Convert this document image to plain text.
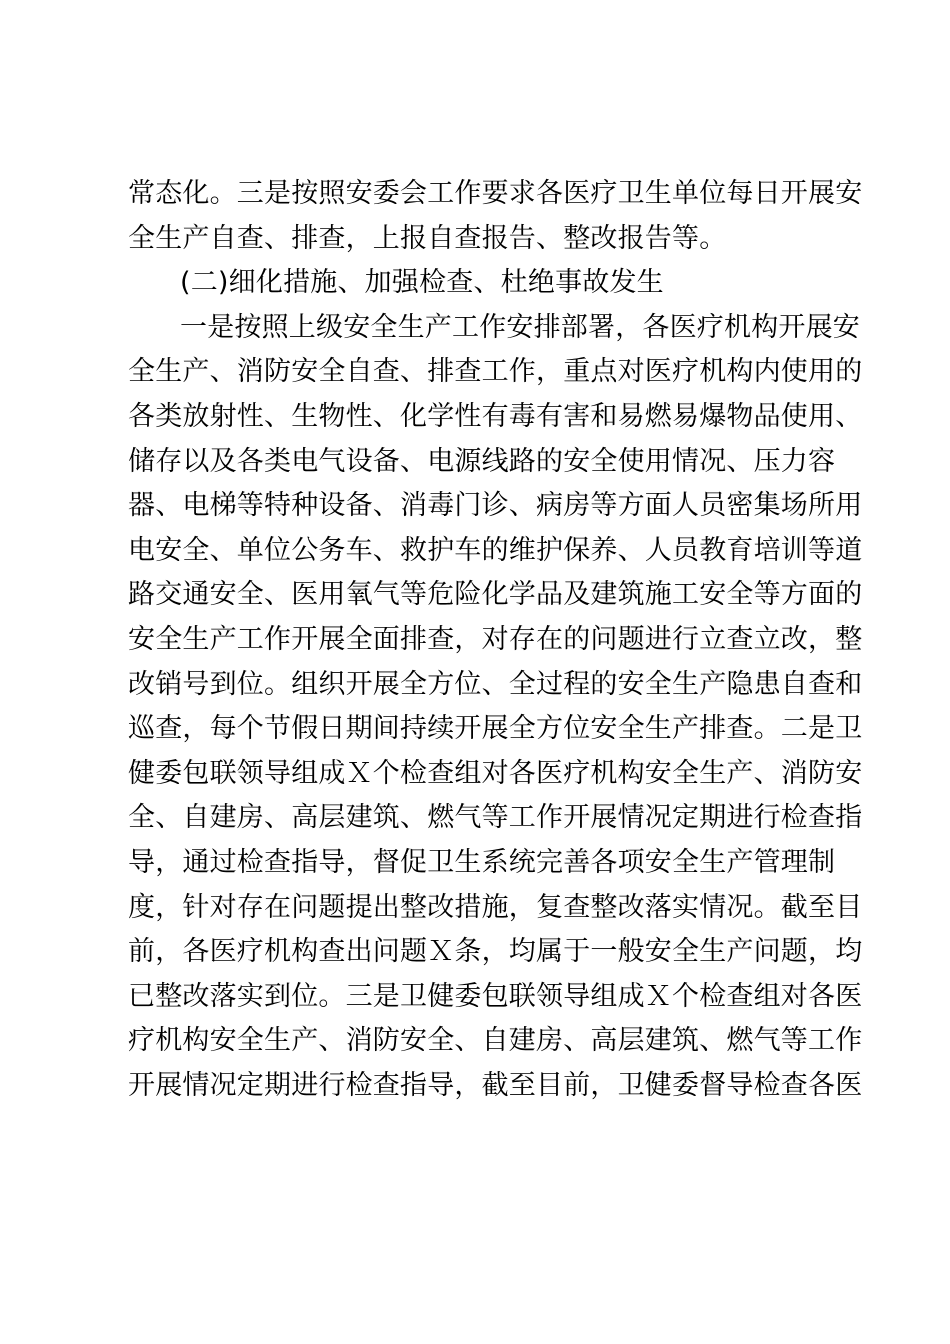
常态化。三是按照安委会工作要求各医疗卫生单位每日开展安
全生产自查、排查，上报自查报告、整改报告等。
(二)细化措施、加强检查、杜绝事故发生
一是按照上级安全生产工作安排部署，各医疗机构开展安
全生产、消防安全自查、排查工作，重点对医疗机构内使用的
各类放射性、生物性、化学性有毒有害和易燃易爆物品使用、
储存以及各类电气设备、电源线路的安全使用情况、压力容
器、电梯等特种设备、消毒门诊、病房等方面人员密集场所用
电安全、单位公务车、救护车的维护保养、人员教育培训等道
路交通安全、医用氧气等危险化学品及建筑施工安全等方面的
安全生产工作开展全面排查，对存在的问题进行立查立改，整
改销号到位。组织开展全方位、全过程的安全生产隐患自查和
巡查，每个节假日期间持续开展全方位安全生产排查。二是卫
健委包联领导组成Ｘ个检查组对各医疗机构安全生产、消防安
全、自建房、高层建筑、燃气等工作开展情况定期进行检查指
导，通过检查指导，督促卫生系统完善各项安全生产管理制
度，针对存在问题提出整改措施，复查整改落实情况。截至目
前，各医疗机构查出问题Ｘ条，均属于一般安全生产问题，均
已整改落实到位。三是卫健委包联领导组成Ｘ个检查组对各医
疗机构安全生产、消防安全、自建房、高层建筑、燃气等工作
开展情况定期进行检查指导，截至目前，卫健委督导检查各医
